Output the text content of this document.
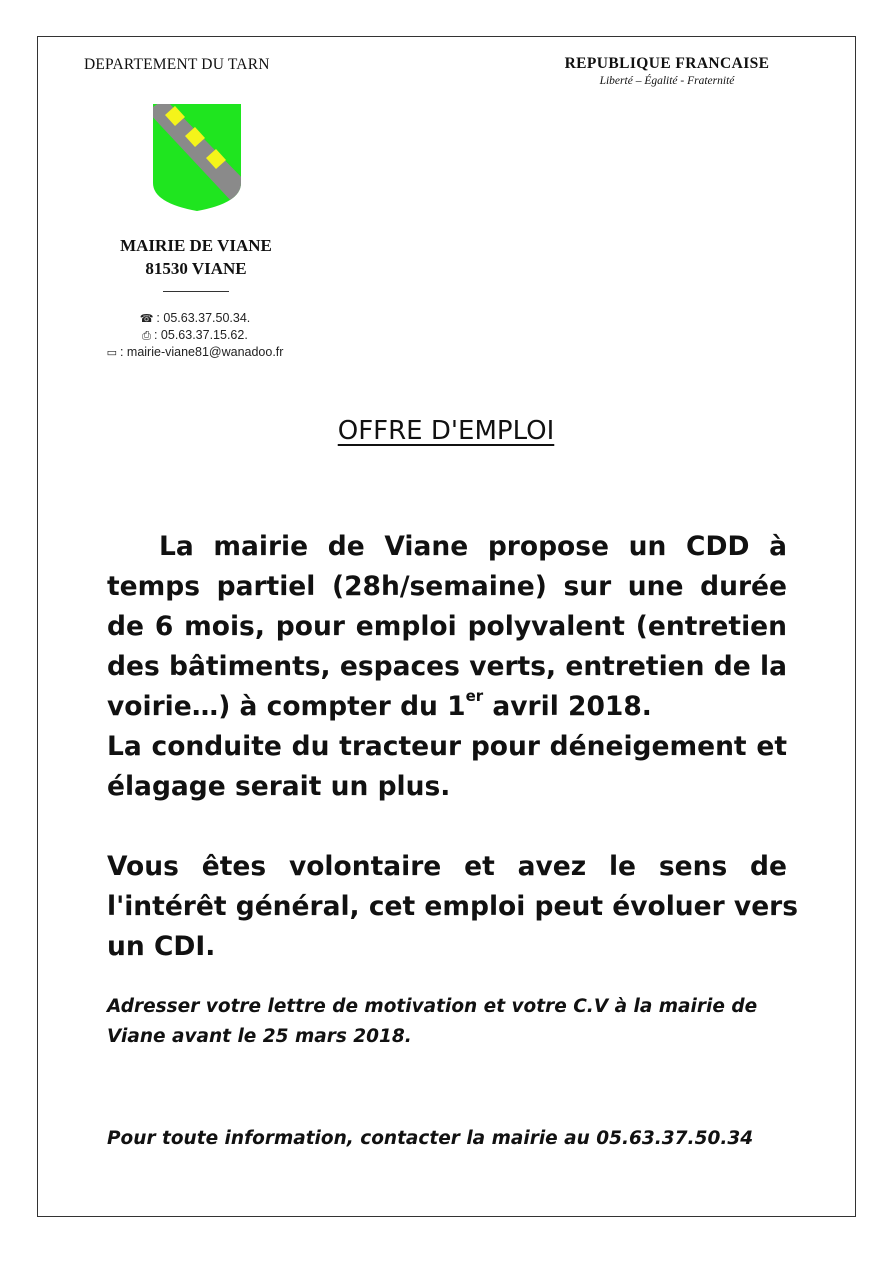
DEPARTEMENT DU TARN	REPUBLIQUE FRANCAISE
Liberté – Égalité - Fraternité
MAIRIE DE VIANE
81530 VIANE
☎ : 05.63.37.50.34.
⎙ : 05.63.37.15.62.
▭ : mairie-viane81@wanadoo.fr
OFFRE D'EMPLOI
La mairie de Viane propose un CDD à
temps partiel (28h/semaine) sur une durée
de 6 mois, pour emploi polyvalent (entretien
des bâtiments, espaces verts, entretien de la
voirie…) à compter du 1er avril 2018.
La conduite du tracteur pour déneigement et
élagage serait un plus.
Vous êtes volontaire et avez le sens de
l'intérêt général, cet emploi peut évoluer vers
un CDI.
Adresser votre lettre de motivation et votre C.V à la mairie de
Viane avant le 25 mars 2018.
Pour toute information, contacter la mairie au 05.63.37.50.34
